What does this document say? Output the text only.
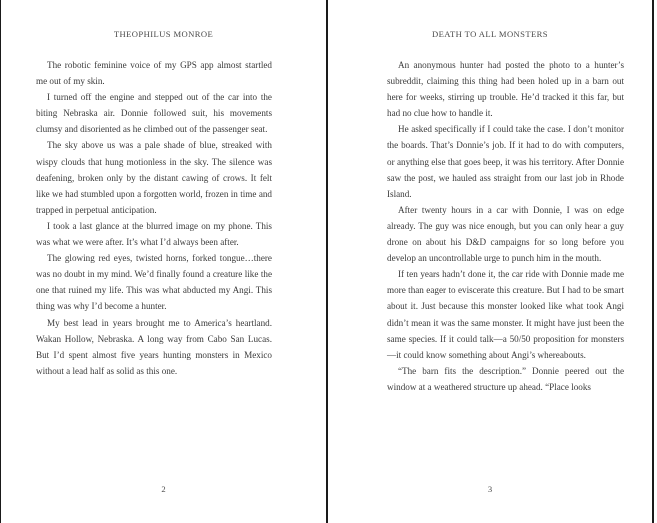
THEOPHILUS MONROE

The robotic feminine voice of my GPS app almost startled me out of my skin.

I turned off the engine and stepped out of the car into the biting Nebraska air. Donnie followed suit, his movements clumsy and disoriented as he climbed out of the passenger seat.

The sky above us was a pale shade of blue, streaked with wispy clouds that hung motionless in the sky. The silence was deafening, broken only by the distant cawing of crows. It felt like we had stumbled upon a forgotten world, frozen in time and trapped in perpetual anticipation.

I took a last glance at the blurred image on my phone. This was what we were after. It’s what I’d always been after.

The glowing red eyes, twisted horns, forked tongue…there was no doubt in my mind. We’d finally found a creature like the one that ruined my life. This was what abducted my Angi. This thing was why I’d become a hunter.

My best lead in years brought me to America’s heartland. Wakan Hollow, Nebraska. A long way from Cabo San Lucas. But I’d spent almost five years hunting monsters in Mexico without a lead half as solid as this one.

2
DEATH TO ALL MONSTERS

An anonymous hunter had posted the photo to a hunter’s subreddit, claiming this thing had been holed up in a barn out here for weeks, stirring up trouble. He’d tracked it this far, but had no clue how to handle it.

He asked specifically if I could take the case. I don’t monitor the boards. That’s Donnie’s job. If it had to do with computers, or anything else that goes beep, it was his territory. After Donnie saw the post, we hauled ass straight from our last job in Rhode Island.

After twenty hours in a car with Donnie, I was on edge already. The guy was nice enough, but you can only hear a guy drone on about his D&D campaigns for so long before you develop an uncontrollable urge to punch him in the mouth.

If ten years hadn’t done it, the car ride with Donnie made me more than eager to eviscerate this creature. But I had to be smart about it. Just because this monster looked like what took Angi didn’t mean it was the same monster. It might have just been the same species. If it could talk—a 50/50 proposition for monsters—it could know something about Angi’s whereabouts.

“The barn fits the description.” Donnie peered out the window at a weathered structure up ahead. “Place looks

3
